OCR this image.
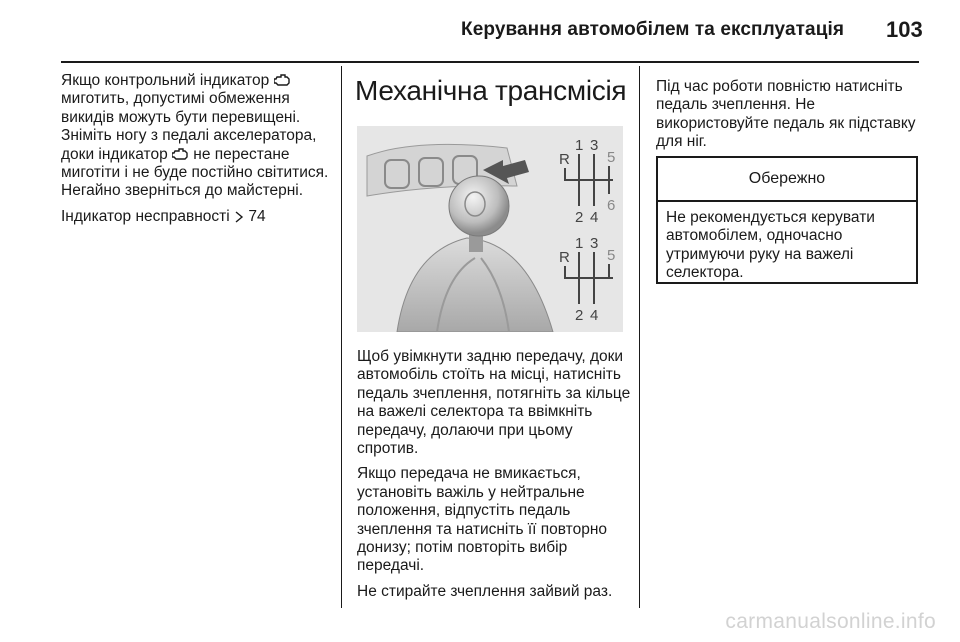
Керування автомобілем та експлуатація 103

Якщо контрольний індикатор  миготить, допустимі обмеження викидів можуть бути перевищені. Зніміть ногу з педалі акселератора, доки індикатор  не перестане миготіти і не буде постійно світитися. Негайно зверніться до майстерні.

Індикатор несправності  74

Механічна трансмісія
1 3
5
R
2 4
6
1 3
5
R
2 4

Щоб увімкнути задню передачу, доки автомобіль стоїть на місці, натисніть педаль зчеплення, потягніть за кільце на важелі селектора та ввімкніть передачу, долаючи при цьому спротив.

Якщо передача не вмикається, установіть важіль у нейтральне положення, відпустіть педаль зчеплення та натисніть її повторно донизу; потім повторіть вибір передачі.

Не стирайте зчеплення зайвий раз.

Під час роботи повністю натисніть педаль зчеплення. Не використовуйте педаль як підставку для ніг.

Обережно
Не рекомендується керувати автомобілем, одночасно утримуючи руку на важелі селектора.
carmanualsonline.info
